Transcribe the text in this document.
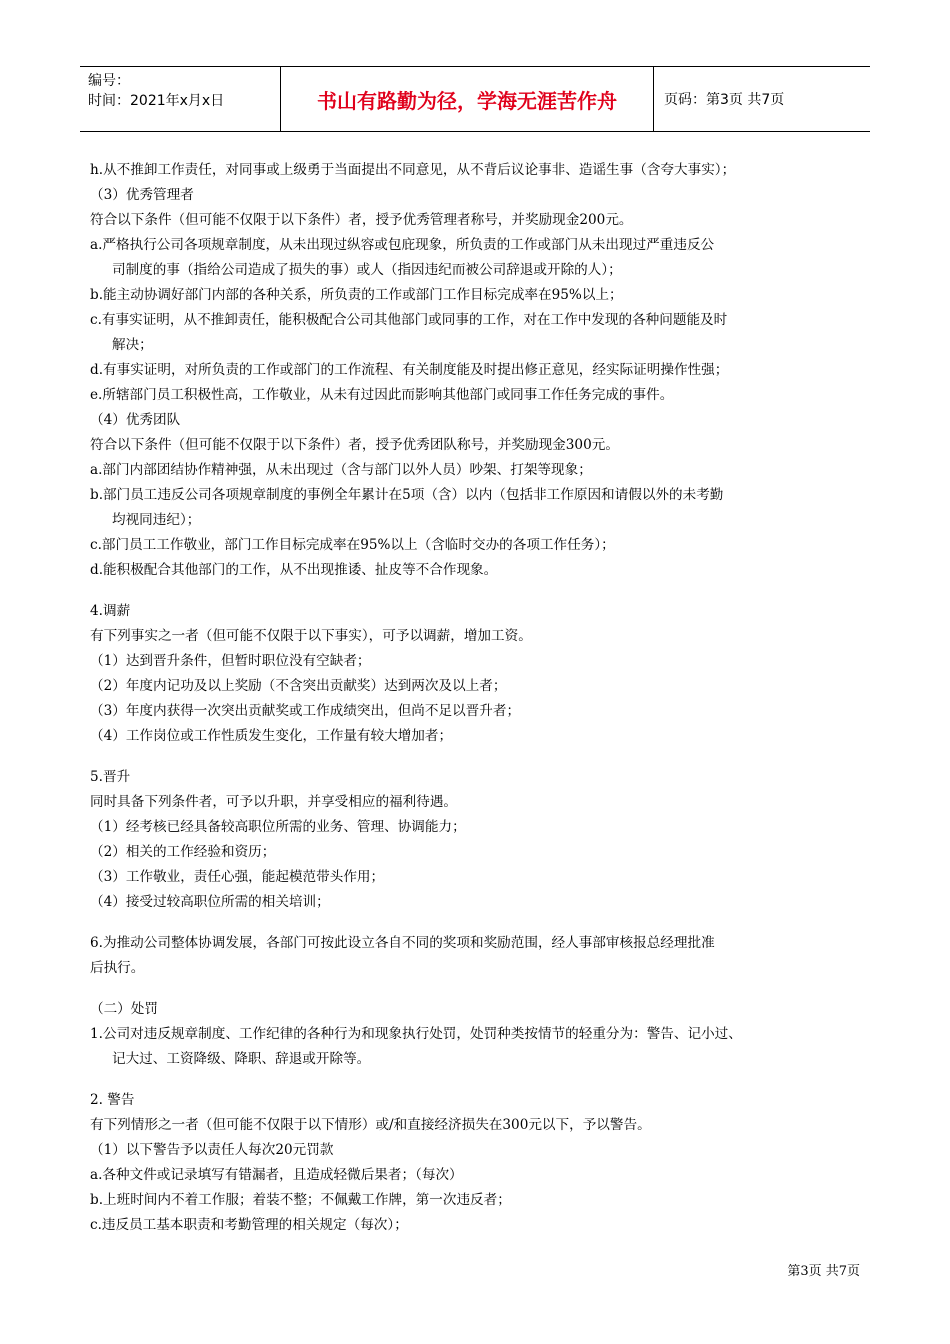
编号：
时间：2021年x月x日	书山有路勤为径，学海无涯苦作舟	页码：第3页 共7页
h.从不推卸工作责任，对同事或上级勇于当面提出不同意见，从不背后议论事非、造谣生事（含夸大事实）；
（3）优秀管理者
符合以下条件（但可能不仅限于以下条件）者，授予优秀管理者称号，并奖励现金200元。
a.严格执行公司各项规章制度，从未出现过纵容或包庇现象，所负责的工作或部门从未出现过严重违反公
司制度的事（指给公司造成了损失的事）或人（指因违纪而被公司辞退或开除的人）；
b.能主动协调好部门内部的各种关系，所负责的工作或部门工作目标完成率在95%以上；
c.有事实证明，从不推卸责任，能积极配合公司其他部门或同事的工作，对在工作中发现的各种问题能及时
解决；
d.有事实证明，对所负责的工作或部门的工作流程、有关制度能及时提出修正意见，经实际证明操作性强；
e.所辖部门员工积极性高，工作敬业，从未有过因此而影响其他部门或同事工作任务完成的事件。
（4）优秀团队
符合以下条件（但可能不仅限于以下条件）者，授予优秀团队称号，并奖励现金300元。
a.部门内部团结协作精神强，从未出现过（含与部门以外人员）吵架、打架等现象；
b.部门员工违反公司各项规章制度的事例全年累计在5项（含）以内（包括非工作原因和请假以外的未考勤
均视同违纪）；
c.部门员工工作敬业，部门工作目标完成率在95%以上（含临时交办的各项工作任务）；
d.能积极配合其他部门的工作，从不出现推诿、扯皮等不合作现象。
4.调薪
有下列事实之一者（但可能不仅限于以下事实），可予以调薪，增加工资。
（1）达到晋升条件，但暂时职位没有空缺者；
（2）年度内记功及以上奖励（不含突出贡献奖）达到两次及以上者；
（3）年度内获得一次突出贡献奖或工作成绩突出，但尚不足以晋升者；
（4）工作岗位或工作性质发生变化，工作量有较大增加者；
5.晋升
同时具备下列条件者，可予以升职，并享受相应的福利待遇。
（1）经考核已经具备较高职位所需的业务、管理、协调能力；
（2）相关的工作经验和资历；
（3）工作敬业，责任心强，能起模范带头作用；
（4）接受过较高职位所需的相关培训；
6.为推动公司整体协调发展，各部门可按此设立各自不同的奖项和奖励范围，经人事部审核报总经理批准
后执行。
（二）处罚
1.公司对违反规章制度、工作纪律的各种行为和现象执行处罚，处罚种类按情节的轻重分为：警告、记小过、
记大过、工资降级、降职、辞退或开除等。
2. 警告
有下列情形之一者（但可能不仅限于以下情形）或/和直接经济损失在300元以下，予以警告。
（1）以下警告予以责任人每次20元罚款
a.各种文件或记录填写有错漏者，且造成轻微后果者；（每次）
b.上班时间内不着工作服；着装不整；不佩戴工作牌，第一次违反者；
c.违反员工基本职责和考勤管理的相关规定（每次）；
第3页 共7页
